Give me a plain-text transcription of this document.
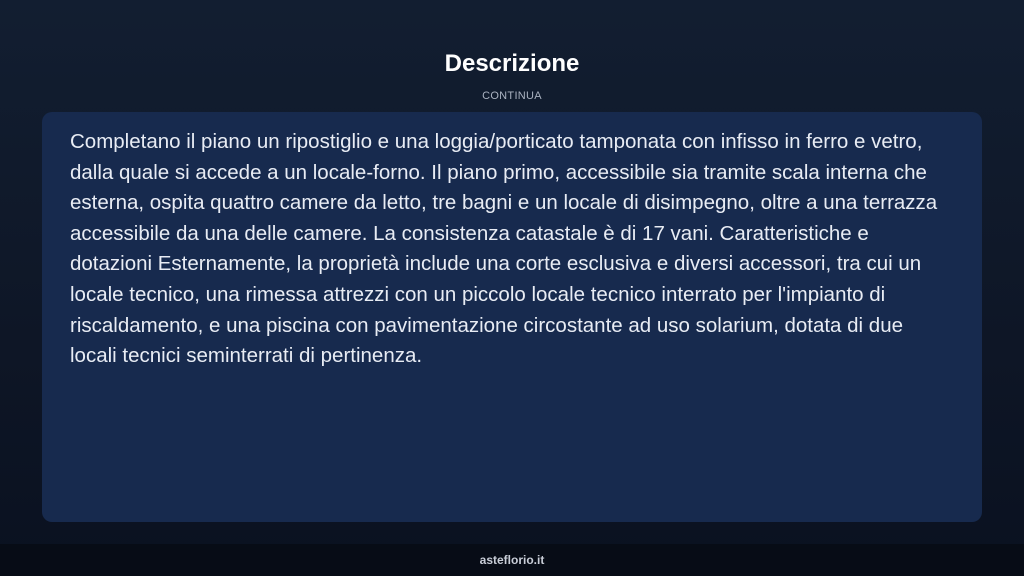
Descrizione
CONTINUA

Completano il piano un ripostiglio e una loggia/porticato tamponata con infisso in ferro e vetro, dalla quale si accede a un locale-forno. Il piano primo, accessibile sia tramite scala interna che esterna, ospita quattro camere da letto, tre bagni e un locale di disimpegno, oltre a una terrazza accessibile da una delle camere. La consistenza catastale è di 17 vani. Caratteristiche e dotazioni Esternamente, la proprietà include una corte esclusiva e diversi accessori, tra cui un locale tecnico, una rimessa attrezzi con un piccolo locale tecnico interrato per l'impianto di riscaldamento, e una piscina con pavimentazione circostante ad uso solarium, dotata di due locali tecnici seminterrati di pertinenza.

asteflorio.it
